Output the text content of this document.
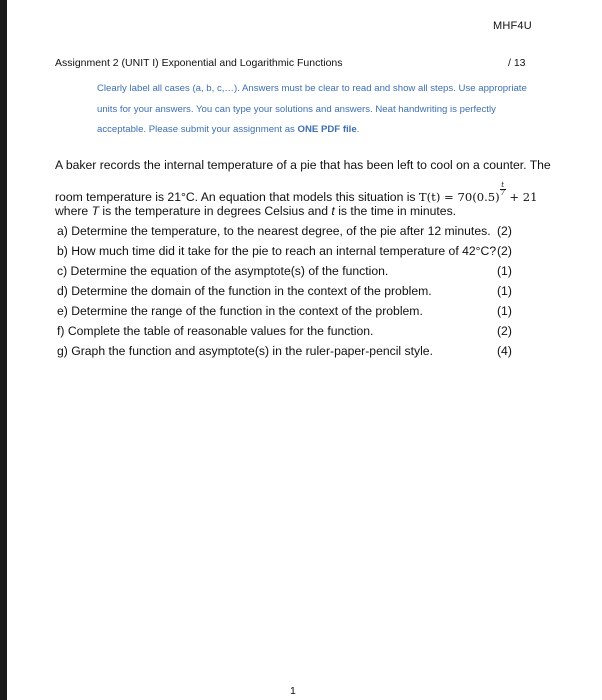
MHF4U
Assignment 2 (UNIT I) Exponential and Logarithmic Functions	/ 13
Clearly label all cases (a, b, c,…). Answers must be clear to read and show all steps. Use appropriate units for your answers. You can type your solutions and answers. Neat handwriting is perfectly acceptable. Please submit your assignment as ONE PDF file.
A baker records the internal temperature of a pie that has been left to cool on a counter. The
room temperature is 21°C. An equation that models this situation is $T(t) = 70(0.5) \frac{t}{7} + 21$
where T is the temperature in degrees Celsius and t is the time in minutes.
a) Determine the temperature, to the nearest degree, of the pie after 12 minutes. (2)
b) How much time did it take for the pie to reach an internal temperature of 42°C? (2)
c) Determine the equation of the asymptote(s) of the function.	(1)
d) Determine the domain of the function in the context of the problem.	(1)
e) Determine the range of the function in the context of the problem.	(1)
f) Complete the table of reasonable values for the function.	(2)
g) Graph the function and asymptote(s) in the ruler-paper-pencil style.	(4)
1
